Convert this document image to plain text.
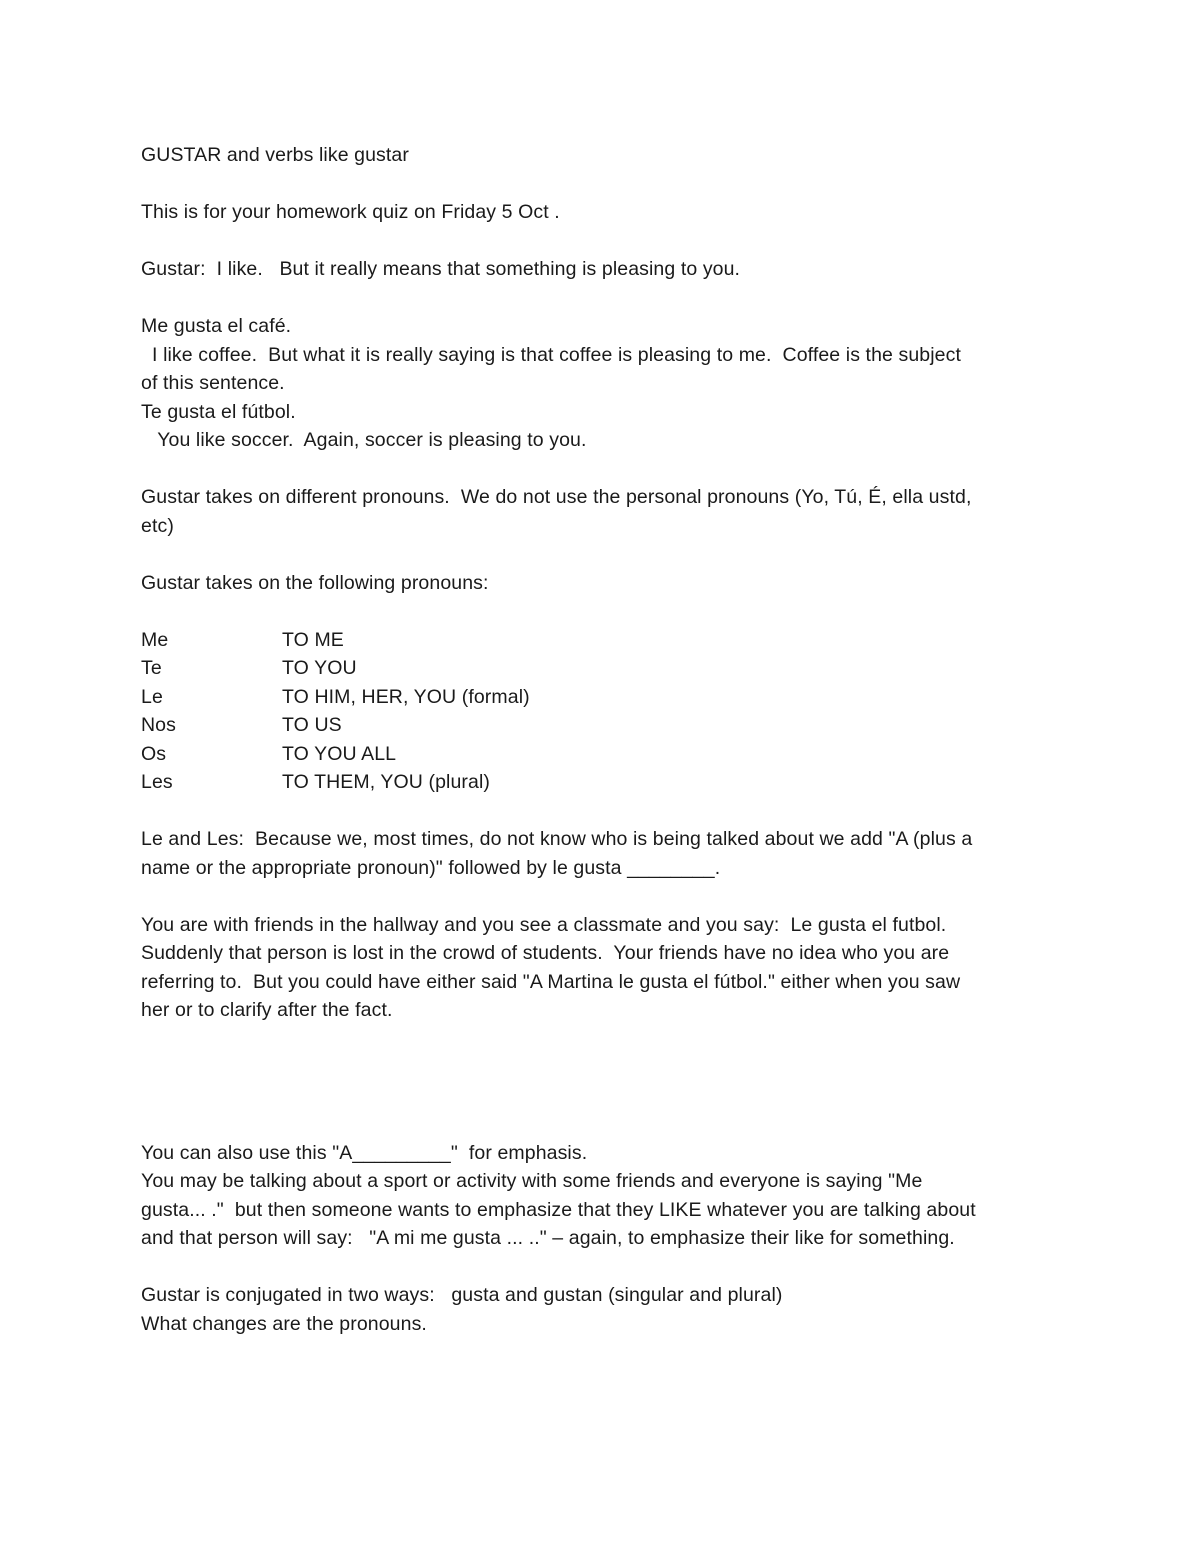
GUSTAR and verbs like gustar
This is for your homework quiz on Friday 5 Oct .
Gustar:  I like.   But it really means that something is pleasing to you.
Me gusta el café.
I like coffee.  But what it is really saying is that coffee is pleasing to me.  Coffee is the subject
of this sentence.
Te gusta el fútbol.
You like soccer.  Again, soccer is pleasing to you.
Gustar takes on different pronouns.  We do not use the personal pronouns (Yo, Tú, É, ella ustd,
etc)
Gustar takes on the following pronouns:
Me	TO ME
Te	TO YOU
Le	TO HIM, HER, YOU (formal)
Nos	TO US
Os	TO YOU ALL
Les	TO THEM, YOU (plural)
Le and Les:  Because we, most times, do not know who is being talked about we add "A (plus a
name or the appropriate pronoun)" followed by le gusta ________.
You are with friends in the hallway and you see a classmate and you say:  Le gusta el futbol.
Suddenly that person is lost in the crowd of students.  Your friends have no idea who you are
referring to.  But you could have either said "A Martina le gusta el fútbol." either when you saw
her or to clarify after the fact.
You can also use this "A_________"  for emphasis.
You may be talking about a sport or activity with some friends and everyone is saying "Me
gusta... ."  but then someone wants to emphasize that they LIKE whatever you are talking about
and that person will say:   "A mi me gusta ... .." – again, to emphasize their like for something.
Gustar is conjugated in two ways:   gusta and gustan (singular and plural)
What changes are the pronouns.
